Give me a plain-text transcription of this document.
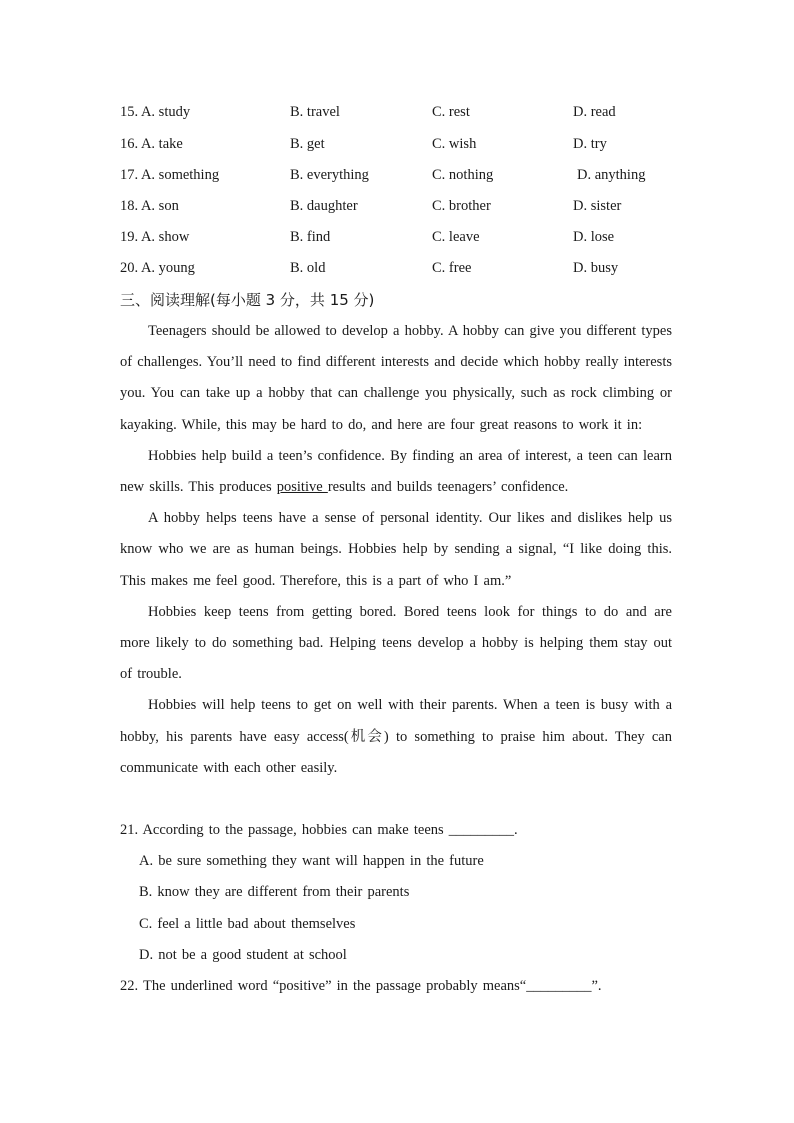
15. A. study	B. travel	C. rest	D. read
16. A. take	B. get	C. wish	D. try
17. A. something	B. everything	C. nothing	D. anything
18. A. son	B. daughter	C. brother	D. sister
19. A. show	B. find	C. leave	D. lose
20. A. young	B. old	C. free	D. busy
三、阅读理解(每小题 3 分，共 15 分)

Teenagers should be allowed to develop a hobby. A hobby can give you different types of challenges. You’ll need to find different interests and decide which hobby really interests you. You can take up a hobby that can challenge you physically, such as rock climbing or kayaking. While, this may be hard to do, and here are four great reasons to work it in:

Hobbies help build a teen’s confidence. By finding an area of interest, a teen can learn new skills. This produces positive results and builds teenagers’ confidence.

A hobby helps teens have a sense of personal identity. Our likes and dislikes help us know who we are as human beings. Hobbies help by sending a signal, “I like doing this. This makes me feel good. Therefore, this is a part of who I am.”

Hobbies keep teens from getting bored. Bored teens look for things to do and are more likely to do something bad. Helping teens develop a hobby is helping them stay out of trouble.

Hobbies will help teens to get on well with their parents. When a teen is busy with a hobby, his parents have easy access(机会) to something to praise him about. They can communicate with each other easily.

21. According to the passage, hobbies can make teens _________.
A. be sure something they want will happen in the future
B. know they are different from their parents
C. feel a little bad about themselves
D. not be a good student at school
22. The underlined word “positive” in the passage probably means“_________”.
